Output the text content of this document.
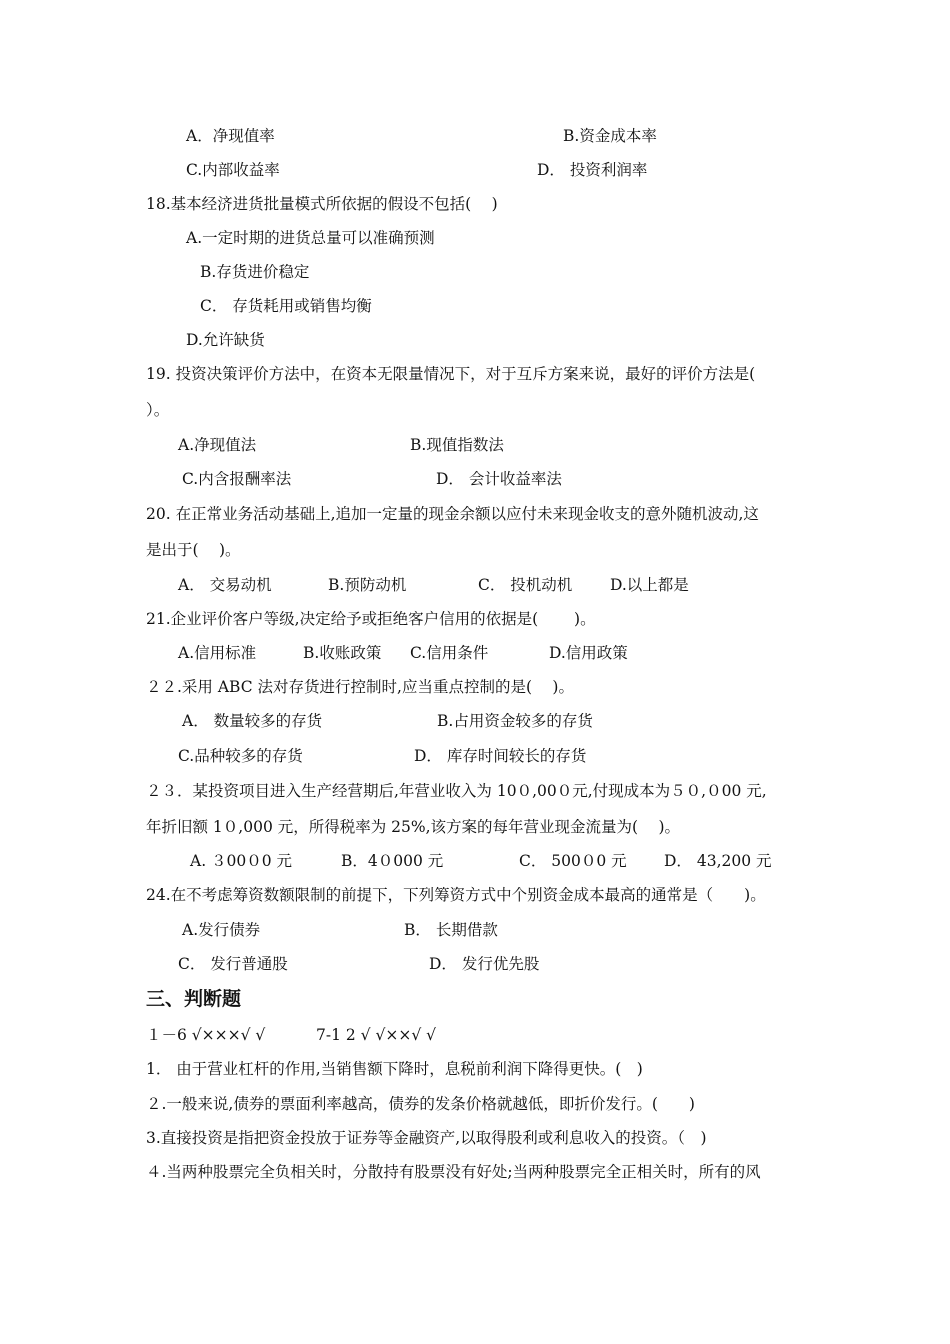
A．净现值率	B.资金成本率
C.内部收益率	D． 投资利润率
18.基本经济进货批量模式所依据的假设不包括(　 )
A.一定时期的进货总量可以准确预测
B.存货进价稳定
C． 存货耗用或销售均衡
D.允许缺货
19. 投资决策评价方法中，在资本无限量情况下，对于互斥方案来说，最好的评价方法是(
）。
A.净现值法	B.现值指数法
C.内含报酬率法	D． 会计收益率法
20. 在正常业务活动基础上,追加一定量的现金余额以应付未来现金收支的意外随机波动,这
是出于(　 )。
A． 交易动机	B.预防动机	C． 投机动机 D.以上都是
21.企业评价客户等级,决定给予或拒绝客户信用的依据是(　　 )。
A.信用标准	B.收账政策 C.信用条件	D.信用政策
２２.采用 ABC 法对存货进行控制时,应当重点控制的是(　 )。
A． 数量较多的存货	B.占用资金较多的存货
C.品种较多的存货	D． 库存时间较长的存货
２３．某投资项目进入生产经营期后,年营业收入为 10０,00０元,付现成本为５０,０00 元,
年折旧额 1０,000 元，所得税率为 25%,该方案的每年营业现金流量为(　 )。
A. ３00０0 元	B．4０000 元	C． 500０0 元 D． 43,200 元
24.在不考虑筹资数额限制的前提下，下列筹资方式中个别资金成本最高的通常是（　　)。
A.发行债券	B． 长期借款
C． 发行普通股	D． 发行优先股
三、判断题
１－6 √×××√ √	7-1 2 √ √××√ √
1． 由于营业杠杆的作用,当销售额下降时，息税前利润下降得更快。(　)
２.一般来说,债券的票面利率越高，债券的发条价格就越低，即折价发行。(　　)
3.直接投资是指把资金投放于证券等金融资产,以取得股利或利息收入的投资。（　)
４.当两种股票完全负相关时，分散持有股票没有好处;当两种股票完全正相关时，所有的风
